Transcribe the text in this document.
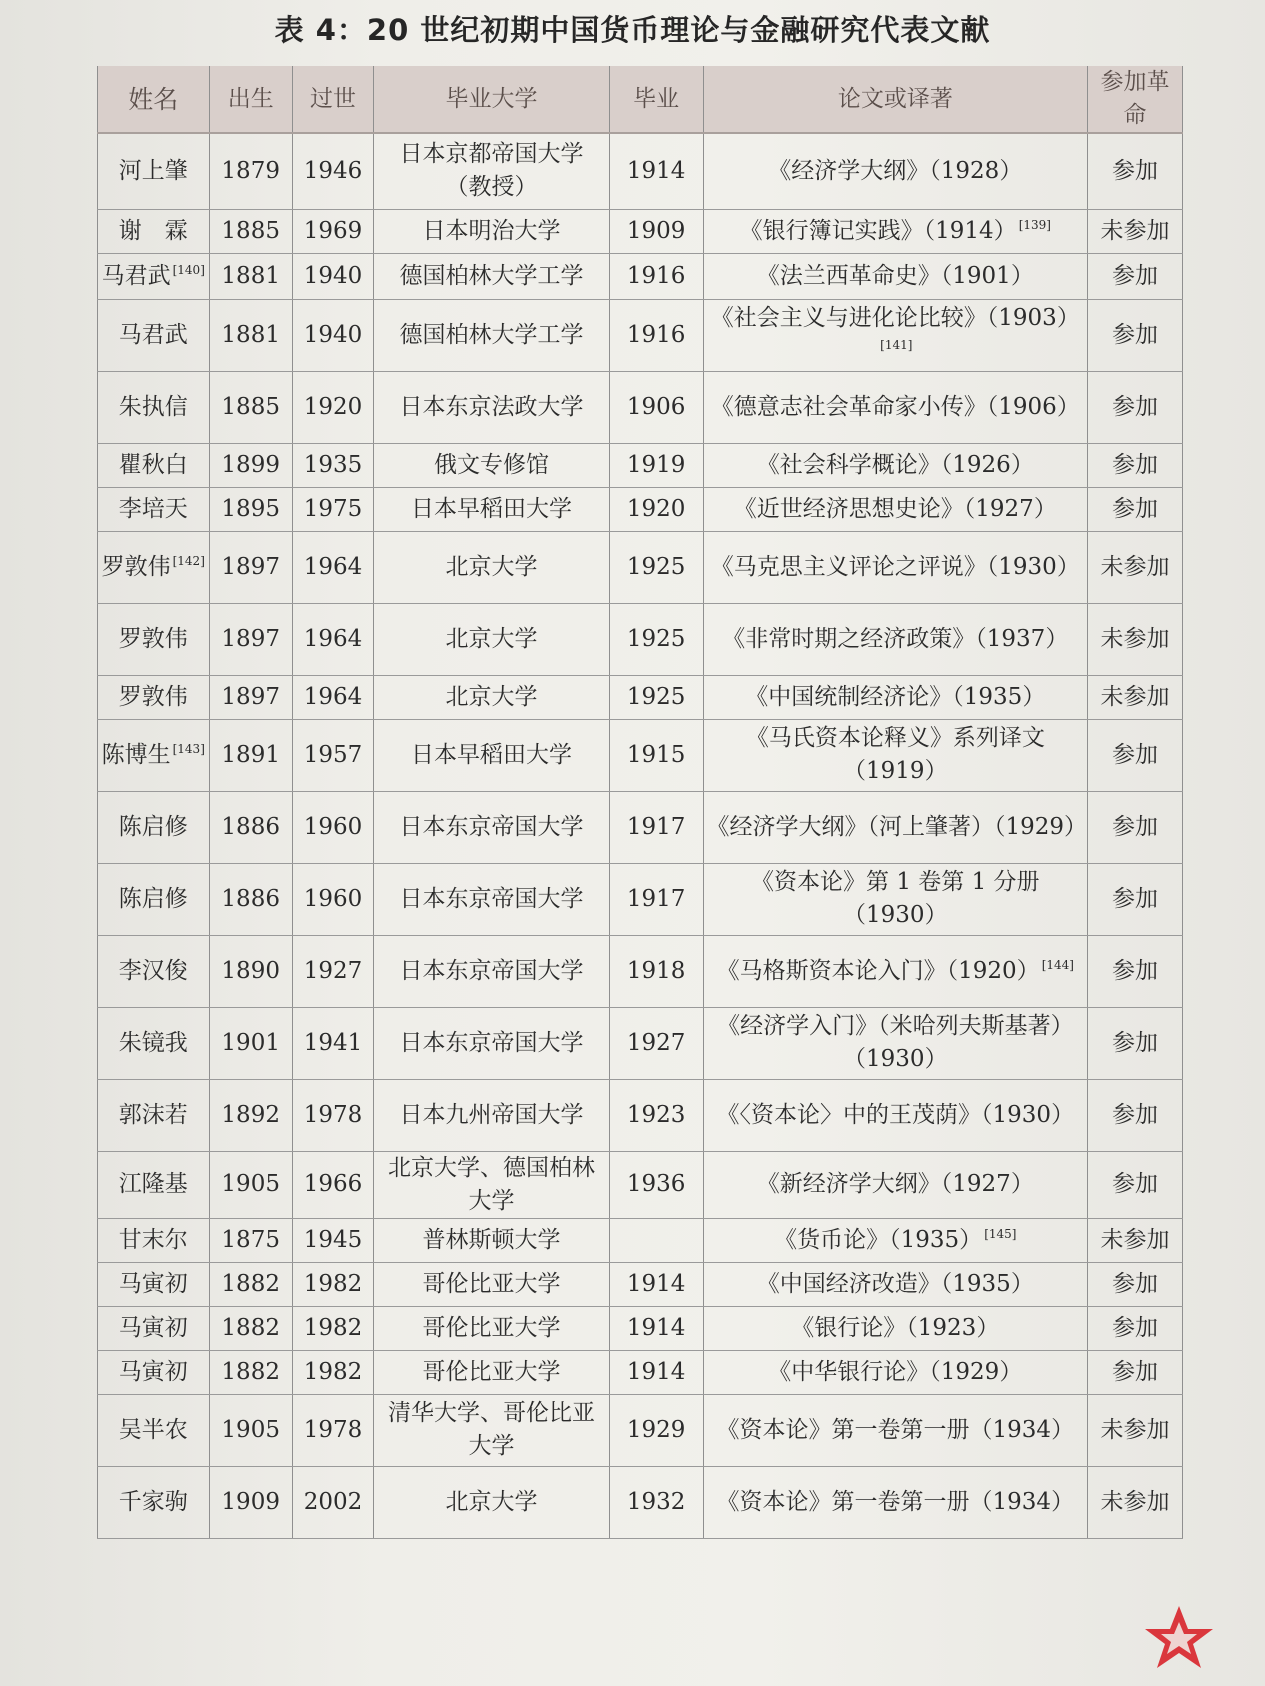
表 4：20 世纪初期中国货币理论与金融研究代表文献
姓名	出生	过世	毕业大学	毕业	论文或译著	参加革命
河上肇	1879	1946	日本京都帝国大学（教授）	1914	《经济学大纲》（1928）	参加
谢　霖	1885	1969	日本明治大学	1909	《银行簿记实践》（1914） [139]	未参加
马君武 [140]	1881	1940	德国柏林大学工学	1916	《法兰西革命史》（1901）	参加
马君武	1881	1940	德国柏林大学工学	1916	《社会主义与进化论比较》（1903）[141]	参加
朱执信	1885	1920	日本东京法政大学	1906	《德意志社会革命家小传》（1906）	参加
瞿秋白	1899	1935	俄文专修馆	1919	《社会科学概论》（1926）	参加
李培天	1895	1975	日本早稻田大学	1920	《近世经济思想史论》（1927）	参加
罗敦伟 [142]	1897	1964	北京大学	1925	《马克思主义评论之评说》（1930）	未参加
罗敦伟	1897	1964	北京大学	1925	《非常时期之经济政策》（1937）	未参加
罗敦伟	1897	1964	北京大学	1925	《中国统制经济论》（1935）	未参加
陈博生 [143]	1891	1957	日本早稻田大学	1915	《马氏资本论释义》系列译文（1919）	参加
陈启修	1886	1960	日本东京帝国大学	1917	《经济学大纲》（河上肇著）（1929）	参加
陈启修	1886	1960	日本东京帝国大学	1917	《资本论》第 1 卷第 1 分册（1930）	参加
李汉俊	1890	1927	日本东京帝国大学	1918	《马格斯资本论入门》（1920） [144]	参加
朱镜我	1901	1941	日本东京帝国大学	1927	《经济学入门》（米哈列夫斯基著）（1930）	参加
郭沫若	1892	1978	日本九州帝国大学	1923	《〈资本论〉中的王茂荫》（1930）	参加
江隆基	1905	1966	北京大学、德国柏林大学	1936	《新经济学大纲》（1927）	参加
甘末尔	1875	1945	普林斯顿大学		《货币论》（1935） [145]	未参加
马寅初	1882	1982	哥伦比亚大学	1914	《中国经济改造》（1935）	参加
马寅初	1882	1982	哥伦比亚大学	1914	《银行论》（1923）	参加
马寅初	1882	1982	哥伦比亚大学	1914	《中华银行论》（1929）	参加
吴半农	1905	1978	清华大学、哥伦比亚大学	1929	《资本论》第一卷第一册（1934）	未参加
千家驹	1909	2002	北京大学	1932	《资本论》第一卷第一册（1934）	未参加
